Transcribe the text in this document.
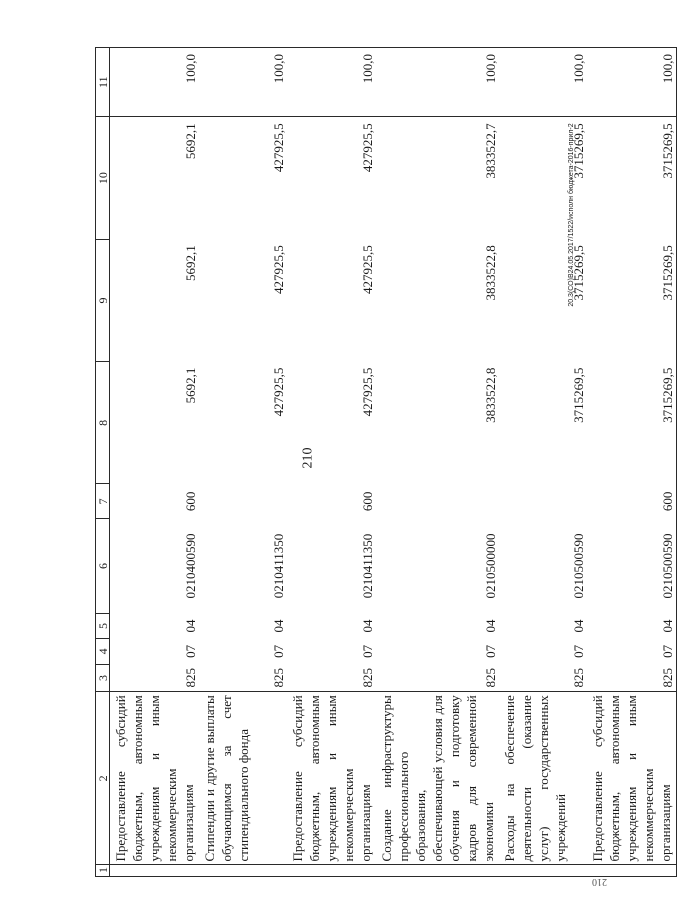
210
20.3(СО)В24.05.2017/1522/исполн бюджета-2016-прил-2
210
1	2	3	4	5	6	7	8	9	10	11
	Предоставление субсидий бюджетным, автономным учреждениям и иным некоммерческим организациям	825	07	04	0210400590	600	5692,1	5692,1	5692,1	100,0
	Стипендии и другие выплаты обучающимся за счет стипендиального фонда	825	07	04	0210411350		427925,5	427925,5	427925,5	100,0
	Предоставление субсидий бюджетным, автономным учреждениям и иным некоммерческим организациям	825	07	04	0210411350	600	427925,5	427925,5	427925,5	100,0
	Создание инфраструктуры профессионального образования, обеспечивающей условия для обучения и подготовку кадров для современной экономики	825	07	04	0210500000		3833522,8	3833522,8	3833522,7	100,0
	Расходы на обеспечение деятельности (оказание услуг) государственных учреждений	825	07	04	0210500590		3715269,5	3715269,5	3715269,5	100,0
	Предоставление субсидий бюджетным, автономным учреждениям и иным некоммерческим организациям	825	07	04	0210500590	600	3715269,5	3715269,5	3715269,5	100,0
